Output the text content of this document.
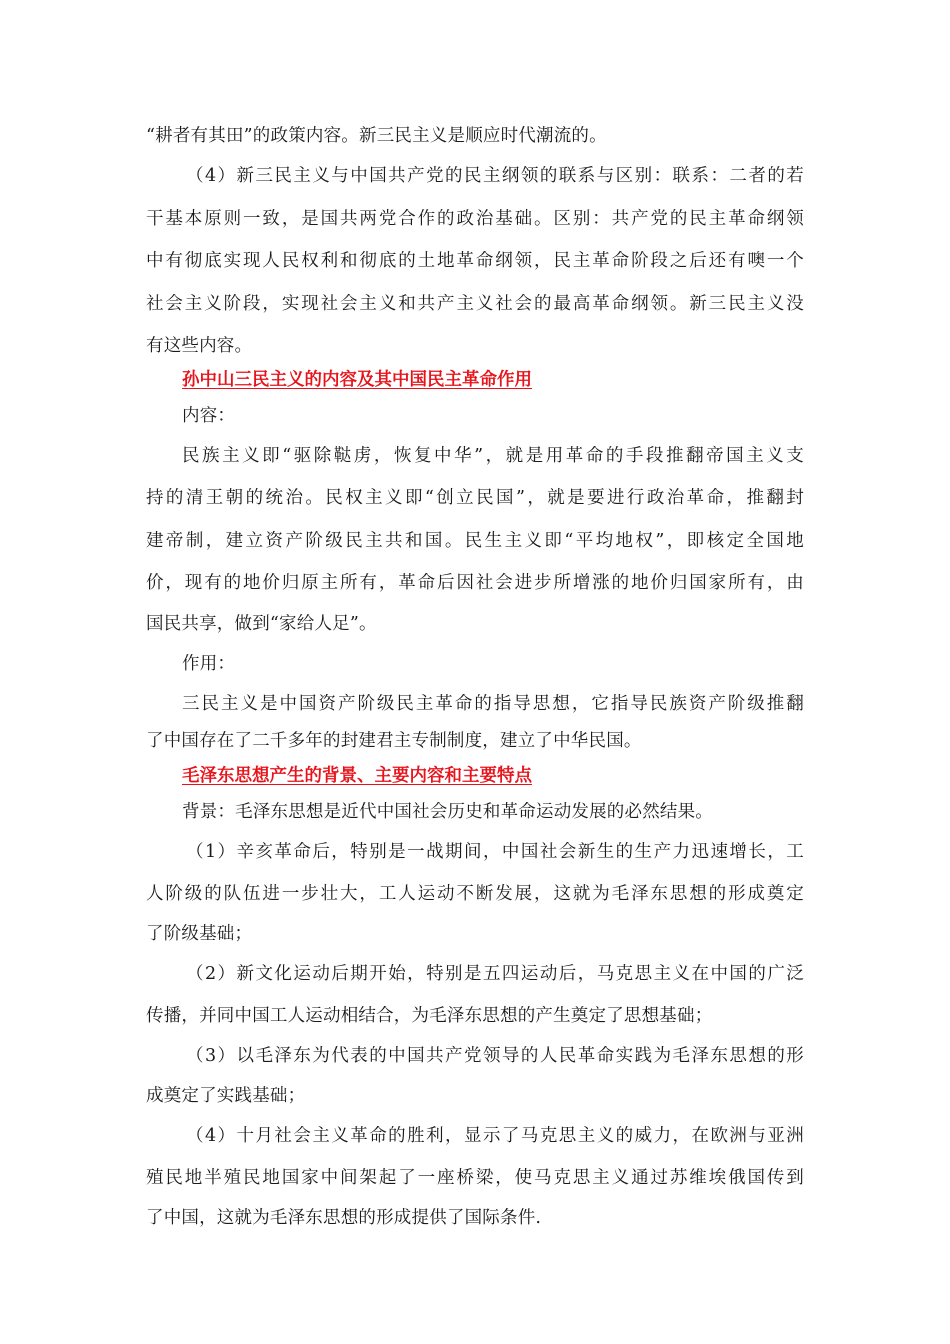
“耕者有其田”的政策内容。新三民主义是顺应时代潮流的。
（4）新三民主义与中国共产党的民主纲领的联系与区别：联系：二者的若
干基本原则一致，是国共两党合作的政治基础。区别：共产党的民主革命纲领
中有彻底实现人民权利和彻底的土地革命纲领，民主革命阶段之后还有噢一个
社会主义阶段，实现社会主义和共产主义社会的最高革命纲领。新三民主义没
有这些内容。
孙中山三民主义的内容及其中国民主革命作用
内容：
民族主义即“驱除鞑虏，恢复中华”，就是用革命的手段推翻帝国主义支
持的清王朝的统治。民权主义即“创立民国”，就是要进行政治革命，推翻封
建帝制，建立资产阶级民主共和国。民生主义即“平均地权”，即核定全国地
价，现有的地价归原主所有，革命后因社会进步所增涨的地价归国家所有，由
国民共享，做到“家给人足”。
作用：
三民主义是中国资产阶级民主革命的指导思想，它指导民族资产阶级推翻
了中国存在了二千多年的封建君主专制制度，建立了中华民国。
毛泽东思想产生的背景、主要内容和主要特点
背景：毛泽东思想是近代中国社会历史和革命运动发展的必然结果。
（1）辛亥革命后，特别是一战期间，中国社会新生的生产力迅速增长，工
人阶级的队伍进一步壮大，工人运动不断发展，这就为毛泽东思想的形成奠定
了阶级基础；
（2）新文化运动后期开始，特别是五四运动后，马克思主义在中国的广泛
传播，并同中国工人运动相结合，为毛泽东思想的产生奠定了思想基础；
（3）以毛泽东为代表的中国共产党领导的人民革命实践为毛泽东思想的形
成奠定了实践基础；
（4）十月社会主义革命的胜利，显示了马克思主义的威力，在欧洲与亚洲
殖民地半殖民地国家中间架起了一座桥梁，使马克思主义通过苏维埃俄国传到
了中国，这就为毛泽东思想的形成提供了国际条件.
